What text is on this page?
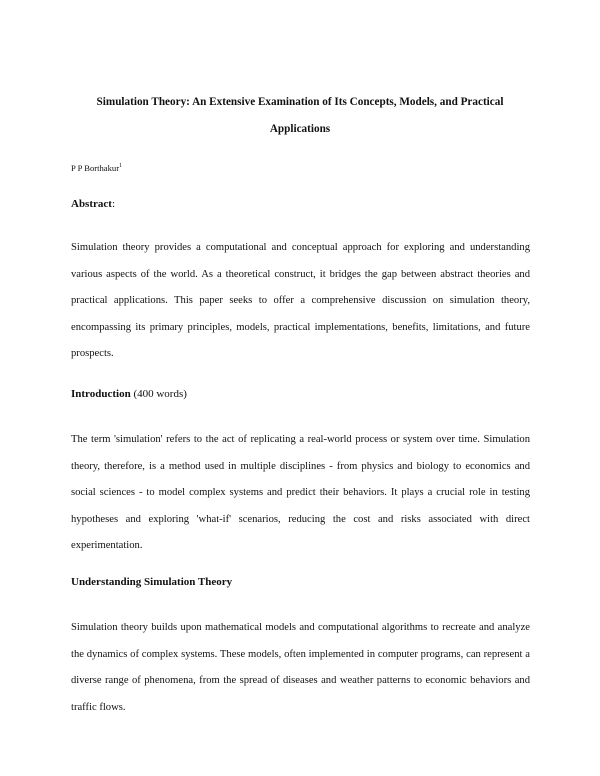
Simulation Theory: An Extensive Examination of Its Concepts, Models, and Practical Applications

P P Borthakur$^1$

Abstract:

Simulation theory provides a computational and conceptual approach for exploring and understanding various aspects of the world. As a theoretical construct, it bridges the gap between abstract theories and practical applications. This paper seeks to offer a comprehensive discussion on simulation theory, encompassing its primary principles, models, practical implementations, benefits, limitations, and future prospects.

Introduction (400 words)

The term 'simulation' refers to the act of replicating a real-world process or system over time. Simulation theory, therefore, is a method used in multiple disciplines - from physics and biology to economics and social sciences - to model complex systems and predict their behaviors. It plays a crucial role in testing hypotheses and exploring 'what-if' scenarios, reducing the cost and risks associated with direct experimentation.

Understanding Simulation Theory

Simulation theory builds upon mathematical models and computational algorithms to recreate and analyze the dynamics of complex systems. These models, often implemented in computer programs, can represent a diverse range of phenomena, from the spread of diseases and weather patterns to economic behaviors and traffic flows.
